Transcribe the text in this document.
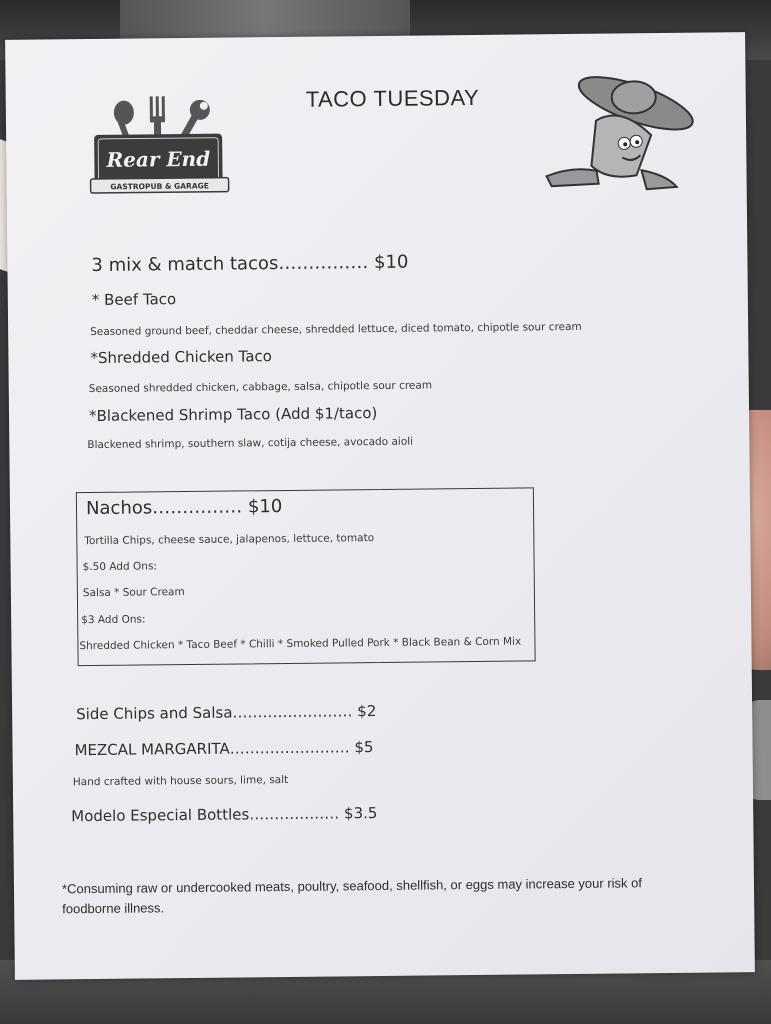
Rear End
GASTROPUB & GARAGE
TACO TUESDAY
3 mix & match tacos…………… $10
* Beef Taco
Seasoned ground beef, cheddar cheese, shredded lettuce, diced tomato, chipotle sour cream
*Shredded Chicken Taco
Seasoned shredded chicken, cabbage, salsa, chipotle sour cream
*Blackened Shrimp Taco (Add $1/taco)
Blackened shrimp, southern slaw, cotija cheese, avocado aioli
Nachos…………… $10
Tortilla Chips, cheese sauce, jalapenos, lettuce, tomato
$.50 Add Ons:
Salsa * Sour Cream
$3 Add Ons:
Shredded Chicken * Taco Beef * Chilli * Smoked Pulled Pork * Black Bean & Corn Mix
Side Chips and Salsa…………………… $2
MEZCAL MARGARITA…………………… $5
Hand crafted with house sours, lime, salt
Modelo Especial Bottles……………… $3.5
*Consuming raw or undercooked meats, poultry, seafood, shellfish, or eggs may increase your risk of foodborne illness.
